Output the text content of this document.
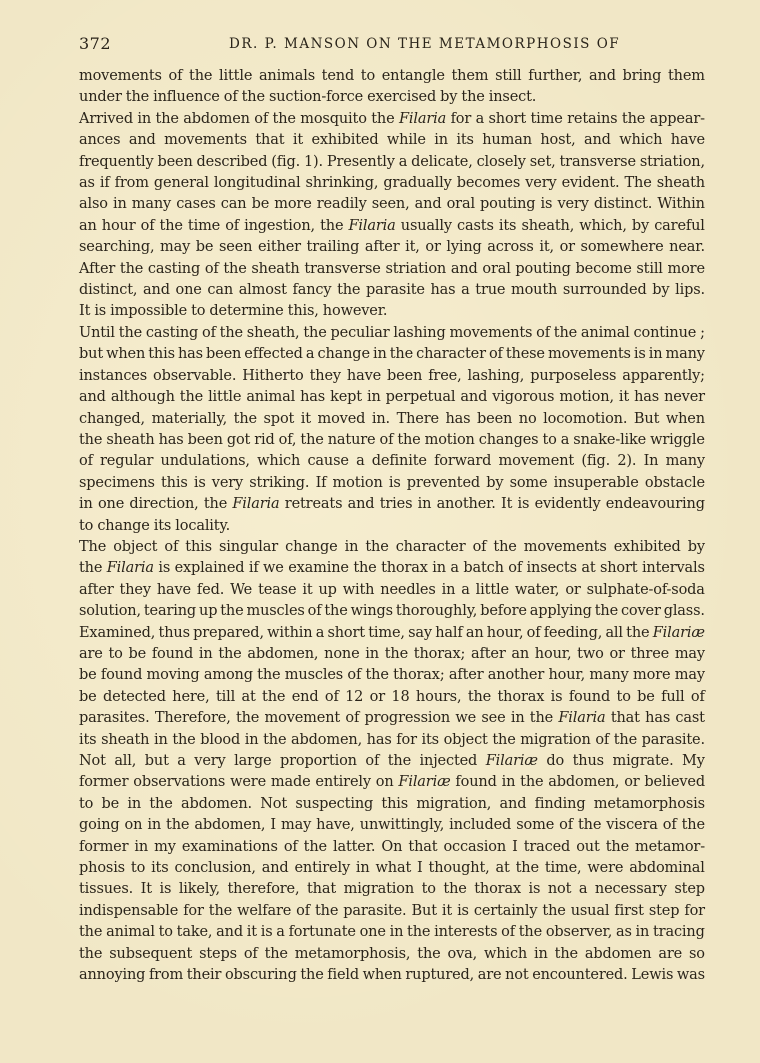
372	DR. P. MANSON ON THE METAMORPHOSIS OF
movements of the little animals tend to entangle them still further, and bring them
under the influence of the suction-force exercised by the insect.
Arrived in the abdomen of the mosquito the Filaria for a short time retains the appear-
ances and movements that it exhibited while in its human host, and which have
frequently been described (fig. 1). Presently a delicate, closely set, transverse striation,
as if from general longitudinal shrinking, gradually becomes very evident. The sheath
also in many cases can be more readily seen, and oral pouting is very distinct. Within
an hour of the time of ingestion, the Filaria usually casts its sheath, which, by careful
searching, may be seen either trailing after it, or lying across it, or somewhere near.
After the casting of the sheath transverse striation and oral pouting become still more
distinct, and one can almost fancy the parasite has a true mouth surrounded by lips.
It is impossible to determine this, however.
Until the casting of the sheath, the peculiar lashing movements of the animal continue ;
but when this has been effected a change in the character of these movements is in many
instances observable. Hitherto they have been free, lashing, purposeless apparently;
and although the little animal has kept in perpetual and vigorous motion, it has never
changed, materially, the spot it moved in. There has been no locomotion. But when
the sheath has been got rid of, the nature of the motion changes to a snake-like wriggle
of regular undulations, which cause a definite forward movement (fig. 2). In many
specimens this is very striking. If motion is prevented by some insuperable obstacle
in one direction, the Filaria retreats and tries in another. It is evidently endeavouring
to change its locality.
The object of this singular change in the character of the movements exhibited by
the Filaria is explained if we examine the thorax in a batch of insects at short intervals
after they have fed. We tease it up with needles in a little water, or sulphate-of-soda
solution, tearing up the muscles of the wings thoroughly, before applying the cover glass.
Examined, thus prepared, within a short time, say half an hour, of feeding, all the Filariæ
are to be found in the abdomen, none in the thorax; after an hour, two or three may
be found moving among the muscles of the thorax; after another hour, many more may
be detected here, till at the end of 12 or 18 hours, the thorax is found to be full of
parasites. Therefore, the movement of progression we see in the Filaria that has cast
its sheath in the blood in the abdomen, has for its object the migration of the parasite.
Not all, but a very large proportion of the injected Filariæ do thus migrate. My
former observations were made entirely on Filariæ found in the abdomen, or believed
to be in the abdomen. Not suspecting this migration, and finding metamorphosis
going on in the abdomen, I may have, unwittingly, included some of the viscera of the
former in my examinations of the latter. On that occasion I traced out the metamor-
phosis to its conclusion, and entirely in what I thought, at the time, were abdominal
tissues. It is likely, therefore, that migration to the thorax is not a necessary step
indispensable for the welfare of the parasite. But it is certainly the usual first step for
the animal to take, and it is a fortunate one in the interests of the observer, as in tracing
the subsequent steps of the metamorphosis, the ova, which in the abdomen are so
annoying from their obscuring the field when ruptured, are not encountered. Lewis was
